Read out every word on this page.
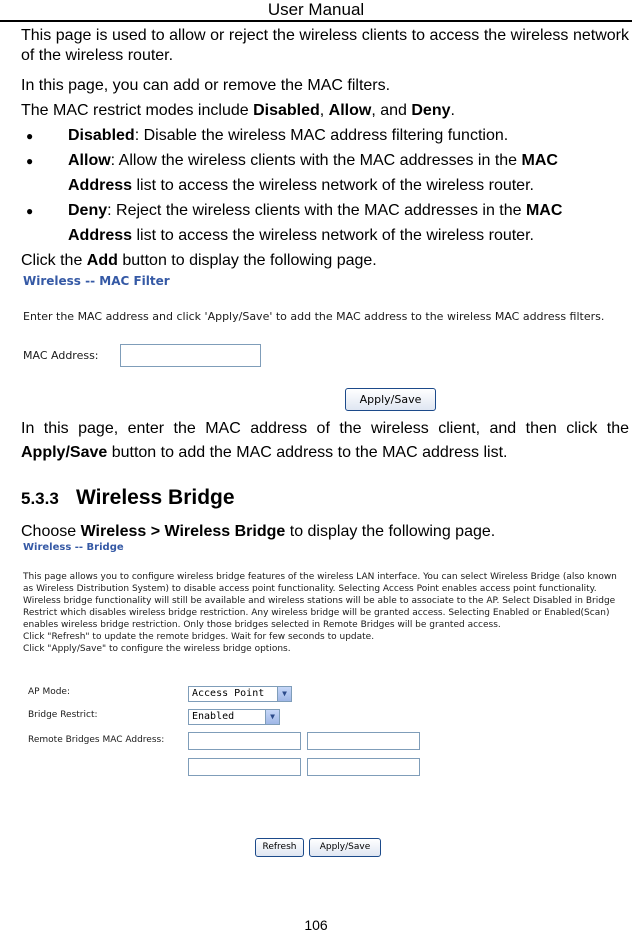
User Manual
This page is used to allow or reject the wireless clients to access the wireless network of the wireless router.
In this page, you can add or remove the MAC filters.
The MAC restrict modes include Disabled, Allow, and Deny.
● Disabled: Disable the wireless MAC address filtering function.
● Allow: Allow the wireless clients with the MAC addresses in the MAC
Address list to access the wireless network of the wireless router.
● Deny: Reject the wireless clients with the MAC addresses in the MAC
Address list to access the wireless network of the wireless router.
Click the Add button to display the following page.
Wireless -- MAC Filter
Enter the MAC address and click 'Apply/Save' to add the MAC address to the wireless MAC address filters.
MAC Address:
Apply/Save
In this page, enter the MAC address of the wireless client, and then click the Apply/Save button to add the MAC address to the MAC address list.
5.3.3 Wireless Bridge
Choose Wireless > Wireless Bridge to display the following page.
Wireless -- Bridge
This page allows you to configure wireless bridge features of the wireless LAN interface. You can select Wireless Bridge (also known
as Wireless Distribution System) to disable access point functionality. Selecting Access Point enables access point functionality.
Wireless bridge functionality will still be available and wireless stations will be able to associate to the AP. Select Disabled in Bridge
Restrict which disables wireless bridge restriction. Any wireless bridge will be granted access. Selecting Enabled or Enabled(Scan)
enables wireless bridge restriction. Only those bridges selected in Remote Bridges will be granted access.
Click "Refresh" to update the remote bridges. Wait for few seconds to update.
Click "Apply/Save" to configure the wireless bridge options.
AP Mode:	Access Point	▼
Bridge Restrict:	Enabled	▼
Remote Bridges MAC Address:
Refresh	Apply/Save
106
